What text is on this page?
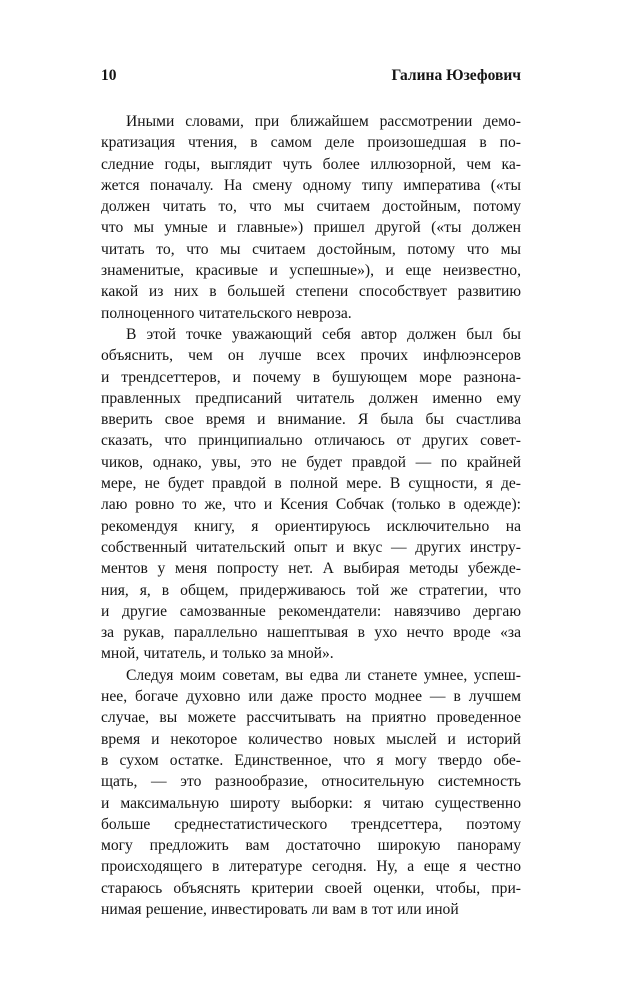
10	Галина Юзефович
Иными словами, при ближайшем рассмотрении демо-
кратизация чтения, в самом деле произошедшая в по-
следние годы, выглядит чуть более иллюзорной, чем ка-
жется поначалу. На смену одному типу императива («ты
должен читать то, что мы считаем достойным, потому
что мы умные и главные») пришел другой («ты должен
читать то, что мы считаем достойным, потому что мы
знаменитые, красивые и успешные»), и еще неизвестно,
какой из них в большей степени способствует развитию
полноценного читательского невроза.
В этой точке уважающий себя автор должен был бы
объяснить, чем он лучше всех прочих инфлюэнсеров
и трендсеттеров, и почему в бушующем море разнона-
правленных предписаний читатель должен именно ему
вверить свое время и внимание. Я была бы счастлива
сказать, что принципиально отличаюсь от других совет-
чиков, однако, увы, это не будет правдой — по крайней
мере, не будет правдой в полной мере. В сущности, я де-
лаю ровно то же, что и Ксения Собчак (только в одежде):
рекомендуя книгу, я ориентируюсь исключительно на
собственный читательский опыт и вкус — других инстру-
ментов у меня попросту нет. А выбирая методы убежде-
ния, я, в общем, придерживаюсь той же стратегии, что
и другие самозванные рекомендатели: навязчиво дергаю
за рукав, параллельно нашептывая в ухо нечто вроде «за
мной, читатель, и только за мной».
Следуя моим советам, вы едва ли станете умнее, успеш-
нее, богаче духовно или даже просто моднее — в лучшем
случае, вы можете рассчитывать на приятно проведенное
время и некоторое количество новых мыслей и историй
в сухом остатке. Единственное, что я могу твердо обе-
щать, — это разнообразие, относительную системность
и максимальную широту выборки: я читаю существенно
больше среднестатистического трендсеттера, поэтому
могу предложить вам достаточно широкую панораму
происходящего в литературе сегодня. Ну, а еще я честно
стараюсь объяснять критерии своей оценки, чтобы, при-
нимая решение, инвестировать ли вам в тот или иной
